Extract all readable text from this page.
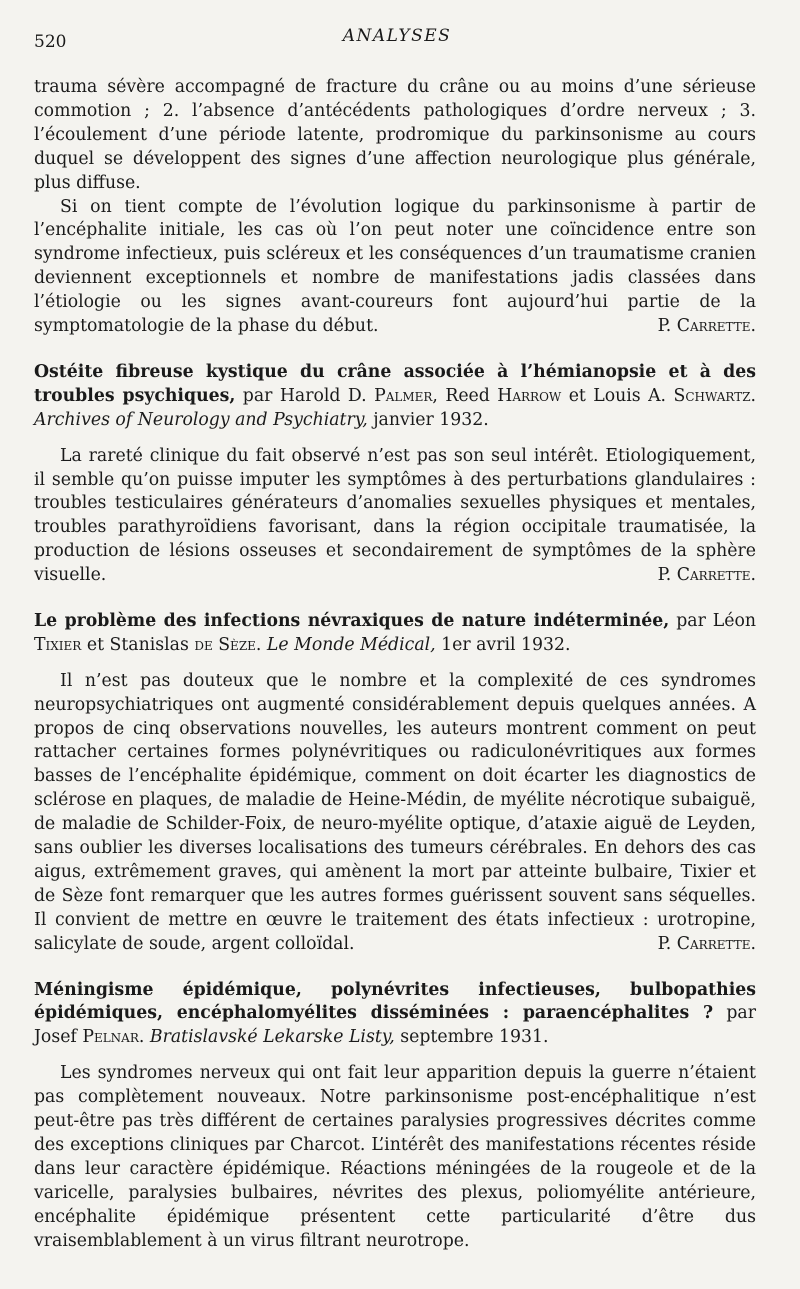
520	ANALYSES

trauma sévère accompagné de fracture du crâne ou au moins d’une sérieuse commotion ; 2. l’absence d’antécédents pathologiques d’ordre nerveux ; 3. l’écoulement d’une période latente, prodromique du parkinsonisme au cours duquel se développent des signes d’une affection neurologique plus générale, plus diffuse.

Si on tient compte de l’évolution logique du parkinsonisme à partir de l’encéphalite initiale, les cas où l’on peut noter une coïncidence entre son syndrome infectieux, puis scléreux et les conséquences d’un traumatisme cranien deviennent exceptionnels et nombre de manifestations jadis classées dans l’étiologie ou les signes avant-coureurs font aujourd’hui partie de la symptomatologie de la phase du début.	P. Carrette.

Ostéite fibreuse kystique du crâne associée à l’hémianopsie et à des troubles psychiques, par Harold D. Palmer, Reed Harrow et Louis A. Schwartz. Archives of Neurology and Psychiatry, janvier 1932.

La rareté clinique du fait observé n’est pas son seul intérêt. Etiologiquement, il semble qu’on puisse imputer les symptômes à des perturbations glandulaires : troubles testiculaires générateurs d’anomalies sexuelles physiques et mentales, troubles parathyroïdiens favorisant, dans la région occipitale traumatisée, la production de lésions osseuses et secondairement de symptômes de la sphère visuelle.	P. Carrette.

Le problème des infections névraxiques de nature indéterminée, par Léon Tixier et Stanislas de Sèze. Le Monde Médical, 1er avril 1932.

Il n’est pas douteux que le nombre et la complexité de ces syndromes neuropsychiatriques ont augmenté considérablement depuis quelques années. A propos de cinq observations nouvelles, les auteurs montrent comment on peut rattacher certaines formes polynévritiques ou radiculonévritiques aux formes basses de l’encéphalite épidémique, comment on doit écarter les diagnostics de sclérose en plaques, de maladie de Heine-Médin, de myélite nécrotique subaiguë, de maladie de Schilder-Foix, de neuro-myélite optique, d’ataxie aiguë de Leyden, sans oublier les diverses localisations des tumeurs cérébrales. En dehors des cas aigus, extrêmement graves, qui amènent la mort par atteinte bulbaire, Tixier et de Sèze font remarquer que les autres formes guérissent souvent sans séquelles. Il convient de mettre en œuvre le traitement des états infectieux : urotropine, salicylate de soude, argent colloïdal.	P. Carrette.

Méningisme épidémique, polynévrites infectieuses, bulbopathies épidémiques, encéphalomyélites disséminées : paraencéphalites ? par Josef Pelnar. Bratislavské Lekarske Listy, septembre 1931.

Les syndromes nerveux qui ont fait leur apparition depuis la guerre n’étaient pas complètement nouveaux. Notre parkinsonisme post-encéphalitique n’est peut-être pas très différent de certaines paralysies progressives décrites comme des exceptions cliniques par Charcot. L’intérêt des manifestations récentes réside dans leur caractère épidémique. Réactions méningées de la rougeole et de la varicelle, paralysies bulbaires, névrites des plexus, poliomyélite antérieure, encéphalite épidémique présentent cette particularité d’être dus vraisemblablement à un virus filtrant neurotrope.
